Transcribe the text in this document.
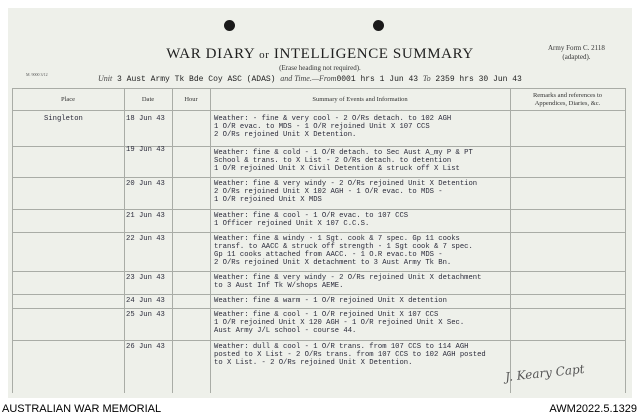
WAR DIARY or INTELLIGENCE SUMMARY
(Erase heading not required).
Army Form C. 2118
(adapted).
M. 9000 3/12	Unit 3 Aust Army Tk Bde Coy ASC (ADAS) and Time.—From0001 hrs 1 Jun 43 To 2359 hrs 30 Jun 43
Place	Date	Hour	Summary of Events and Information
Remarks and references to
Appendices, Diaries, &c.
Singleton	18 Jun 43	Weather: - fine & very cool - 2 O/Rs detach. to 102 AGH
1 O/R evac. to MDS - 1 O/R rejoined Unit X 107 CCS
2 O/Rs rejoined Unit X Detention.
19 Jun 43	Weather: fine & cold - 1 O/R detach. to Sec Aust A_my P & PT
School & trans. to X List - 2 O/Rs detach. to detention
1 O/R rejoined Unit X Civil Detention & struck off X List
20 Jun 43	Weather: fine & very windy - 2 O/Rs rejoined Unit X Detention
2 O/Rs rejoined Unit X 102 AGH - 1 O/R evac. to MDS -
1 O/R rejoined Unit X MDS
21 Jun 43	Weather: fine & cool - 1 O/R evac. to 107 CCS
1 Officer rejoined Unit X 107 C.C.S.
22 Jun 43	Weather: fine & windy - 1 Sgt. cook & 7 spec. Gp 11 cooks
transf. to AACC & struck off strength - 1 Sgt cook & 7 spec.
Gp 11 cooks attached from AACC. - 1 O.R evac.to MDS -
2 O/Rs rejoined Unit X detachment to 3 Aust Army Tk Bn.
23 Jun 43	Weather: fine & very windy - 2 O/Rs rejoined Unit X detachment
to 3 Aust Inf Tk W/shops AEME.
24 Jun 43	Weather: fine & warm - 1 O/R rejoined Unit X detention
25 Jun 43	Weather: fine & cool - 1 O/R rejoined Unit X 107 CCS
1 O/R rejoined Unit X 120 AGH - 1 O/R rejoined Unit X Sec.
Aust Army J/L school - course 44.
26 Jun 43	Weather: dull & cool - 1 O/R trans. from 107 CCS to 114 AGH
posted to X List - 2 O/Rs trans. from 107 CCS to 102 AGH posted
to X List. - 2 O/Rs rejoined Unit X Detention.	J. Keary Capt
AUSTRALIAN WAR MEMORIAL	AWM2022.5.1329
